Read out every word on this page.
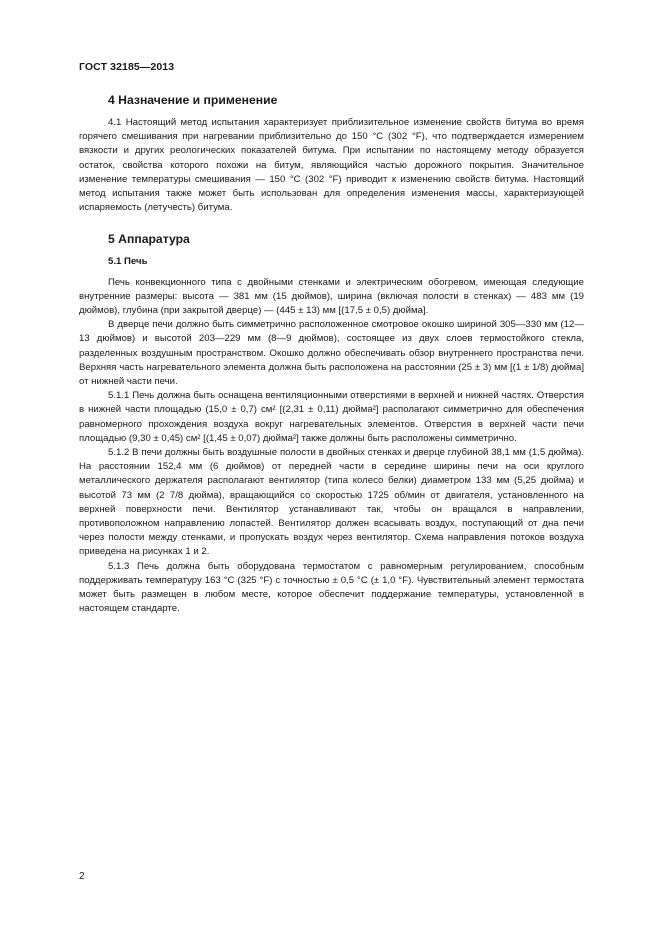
ГОСТ 32185—2013
4 Назначение и применение

4.1 Настоящий метод испытания характеризует приблизительное изменение свойств битума во время горячего смешивания при нагревании приблизительно до 150 °С (302 °F), что подтверждается измерением вязкости и других реологических показателей битума. При испытании по настоящему методу образуется остаток, свойства которого похожи на битум, являющийся частью дорожного покрытия. Значительное изменение температуры смешивания — 150 °С (302 °F) приводит к изменению свойств битума. Настоящий метод испытания также может быть использован для определения изменения массы, характеризующей испаряемость (летучесть) битума.

5 Аппаратура
5.1 Печь

Печь конвекционного типа с двойными стенками и электрическим обогревом, имеющая следующие внутренние размеры: высота — 381 мм (15 дюймов), ширина (включая полости в стенках) — 483 мм (19 дюймов), глубина (при закрытой дверце) — (445 ± 13) мм [(17,5 ± 0,5) дюйма].

В дверце печи должно быть симметрично расположенное смотровое окошко шириной 305—330 мм (12—13 дюймов) и высотой 203—229 мм (8—9 дюймов), состоящее из двух слоев термостойкого стекла, разделенных воздушным пространством. Окошко должно обеспечивать обзор внутреннего пространства печи. Верхняя часть нагревательного элемента должна быть расположена на расстоянии (25 ± 3) мм [(1 ± 1/8) дюйма] от нижней части печи.

5.1.1 Печь должна быть оснащена вентиляционными отверстиями в верхней и нижней частях. Отверстия в нижней части площадью (15,0 ± 0,7) см² [(2,31 ± 0,11) дюйма²] располагают симметрично для обеспечения равномерного прохождения воздуха вокруг нагревательных элементов. Отверстия в верхней части печи площадью (9,30 ± 0,45) см² [(1,45 ± 0,07) дюйма²] также должны быть расположены симметрично.

5.1.2 В печи должны быть воздушные полости в двойных стенках и дверце глубиной 38,1 мм (1,5 дюйма). На расстоянии 152,4 мм (6 дюймов) от передней части в середине ширины печи на оси круглого металлического держателя располагают вентилятор (типа колесо белки) диаметром 133 мм (5,25 дюйма) и высотой 73 мм (2 7/8 дюйма), вращающийся со скоростью 1725 об/мин от двигателя, установленного на верхней поверхности печи. Вентилятор устанавливают так, чтобы он вращался в направлении, противоположном направлению лопастей. Вентилятор должен всасывать воздух, поступающий от дна печи через полости между стенками, и пропускать воздух через вентилятор. Схема направления потоков воздуха приведена на рисунках 1 и 2.

5.1.3 Печь должна быть оборудована термостатом с равномерным регулированием, способным поддерживать температуру 163 °С (325 °F) с точностью ± 0,5 °С (± 1,0 °F). Чувствительный элемент термостата может быть размещен в любом месте, которое обеспечит поддержание температуры, установленной в настоящем стандарте.

2
